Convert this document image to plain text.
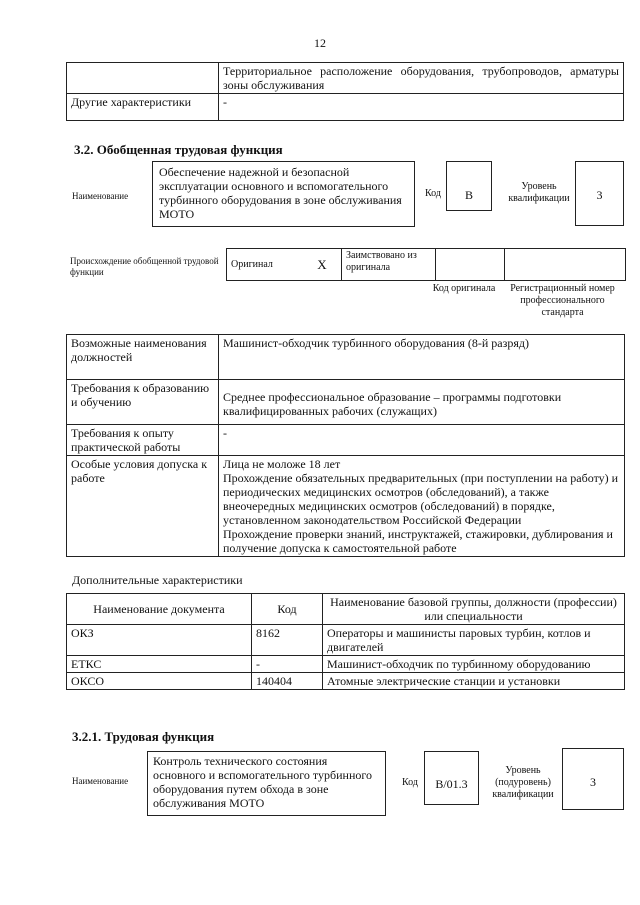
12
	Территориальное расположение оборудования, трубопроводов, арматуры зоны обслуживания
Другие характеристики	-
3.2. Обобщенная трудовая функция
Наименование
Обеспечение надежной и безопасной эксплуатации основного и вспомогательного турбинного оборудования в зоне обслуживания МОТО
Код	B
Уровень квалификации	3
Происхождение обобщенной трудовой функции
Оригинал	X	Заимствовано из оригинала		
Код оригинала	Регистрационный номер профессионального стандарта
Возможные наименования должностей	Машинист-обходчик турбинного оборудования (8-й разряд)
Требования к образованию и обучению	Среднее профессиональное образование – программы подготовки квалифицированных рабочих (служащих)
Требования к опыту практической работы	-
Особые условия допуска к работе	Лица не моложе 18 лет
Прохождение обязательных предварительных (при поступлении на работу) и периодических медицинских осмотров (обследований), а также внеочередных медицинских осмотров (обследований) в порядке, установленном законодательством Российской Федерации
Прохождение проверки знаний, инструктажей, стажировки, дублирования и получение допуска к самостоятельной работе
Дополнительные характеристики
Наименование документа	Код	Наименование базовой группы, должности (профессии) или специальности
ОКЗ	8162	Операторы и машинисты паровых турбин, котлов и двигателей
ЕТКС	-	Машинист-обходчик по турбинному оборудованию
ОКСО	140404	Атомные электрические станции и установки
3.2.1. Трудовая функция
Наименование
Контроль технического состояния основного и вспомогательного турбинного оборудования путем обхода в зоне обслуживания МОТО
Код	B/01.3
Уровень (подуровень) квалификации
3
